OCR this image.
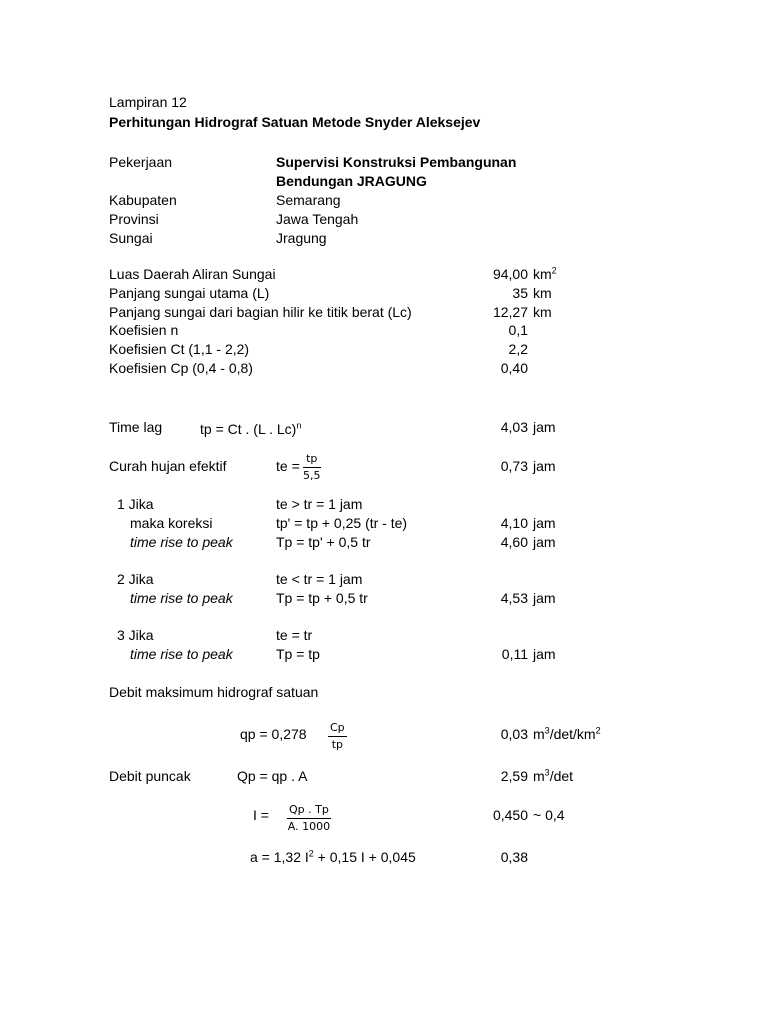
Lampiran 12
Perhitungan Hidrograf Satuan Metode Snyder Aleksejev
Pekerjaan	Supervisi Konstruksi Pembangunan
Bendungan JRAGUNG
Kabupaten	Semarang
Provinsi	Jawa Tengah
Sungai	Jragung
Luas Daerah Aliran Sungai	94,00 $km^2$
Panjang sungai utama (L)	35 km
Panjang sungai dari bagian hilir ke titik berat (Lc)	12,27 km
Koefisien n	0,1
Koefisien Ct (1,1 - 2,2)	2,2
Koefisien Cp (0,4 - 0,8)	0,40
Time lag	tp = Ct . (L . Lc)$^n$	4,03 jam
Curah hujan efektif	te = $\frac{tp}{5,5}$	0,73 jam
1 Jika	te > tr = 1 jam
maka koreksi	tp' = tp + 0,25 (tr - te)	4,10 jam
time rise to peak	Tp = tp' + 0,5 tr	4,60 jam
2 Jika	te < tr = 1 jam
time rise to peak	Tp = tp + 0,5 tr	4,53 jam
3 Jika	te = tr
time rise to peak	Tp = tp	0,11 jam
Debit maksimum hidrograf satuan
qp = $0,278 \frac{Cp}{tp}$	0,03 $m^3/\det/km^2$
Debit puncak	Qp = qp . A	2,59 $m^3/\det$
$I = \frac{Qp . Tp}{A. 1000}$	0,450 ~ 0,4
a = 1,32 $I^2 + 0,15$ I + 0,045	0,38
